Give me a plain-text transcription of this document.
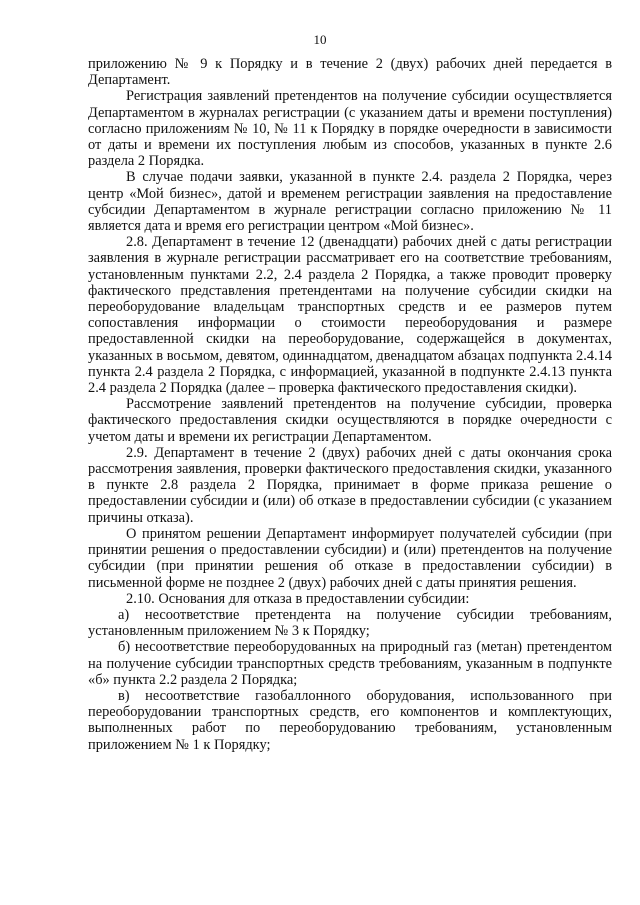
10

приложению № 9 к Порядку и в течение 2 (двух) рабочих дней передается в Департамент.

Регистрация заявлений претендентов на получение субсидии осуществляется Департаментом в журналах регистрации (с указанием даты и времени поступления) согласно приложениям № 10, № 11 к Порядку в порядке очередности в зависимости от даты и времени их поступления любым из способов, указанных в пункте 2.6 раздела 2 Порядка.

В случае подачи заявки, указанной в пункте 2.4. раздела 2 Порядка, через центр «Мой бизнес», датой и временем регистрации заявления на предоставление субсидии Департаментом в журнале регистрации согласно приложению № 11 является дата и время его регистрации центром «Мой бизнес».

2.8. Департамент в течение 12 (двенадцати) рабочих дней с даты регистрации заявления в журнале регистрации рассматривает его на соответствие требованиям, установленным пунктами 2.2, 2.4 раздела 2 Порядка, а также проводит проверку фактического представления претендентами на получение субсидии скидки на переоборудование владельцам транспортных средств и ее размеров путем сопоставления информации о стоимости переоборудования и размере предоставленной скидки на переоборудование, содержащейся в документах, указанных в восьмом, девятом, одиннадцатом, двенадцатом абзацах подпункта 2.4.14 пункта 2.4 раздела 2 Порядка, с информацией, указанной в подпункте 2.4.13 пункта 2.4 раздела 2 Порядка (далее – проверка фактического предоставления скидки).

Рассмотрение заявлений претендентов на получение субсидии, проверка фактического предоставления скидки осуществляются в порядке очередности с учетом даты и времени их регистрации Департаментом.

2.9. Департамент в течение 2 (двух) рабочих дней с даты окончания срока рассмотрения заявления, проверки фактического предоставления скидки, указанного в пункте 2.8 раздела 2 Порядка, принимает в форме приказа решение о предоставлении субсидии и (или) об отказе в предоставлении субсидии (с указанием причины отказа).

О принятом решении Департамент информирует получателей субсидии (при принятии решения о предоставлении субсидии) и (или) претендентов на получение субсидии (при принятии решения об отказе в предоставлении субсидии) в письменной форме не позднее 2 (двух) рабочих дней с даты принятия решения.

2.10. Основания для отказа в предоставлении субсидии:

а) несоответствие претендента на получение субсидии требованиям, установленным приложением № 3 к Порядку;

б) несоответствие переоборудованных на природный газ (метан) претендентом на получение субсидии транспортных средств требованиям, указанным в подпункте «б» пункта 2.2 раздела 2 Порядка;

в) несоответствие газобаллонного оборудования, использованного при переоборудовании транспортных средств, его компонентов и комплектующих, выполненных работ по переоборудованию требованиям, установленным приложением № 1 к Порядку;
